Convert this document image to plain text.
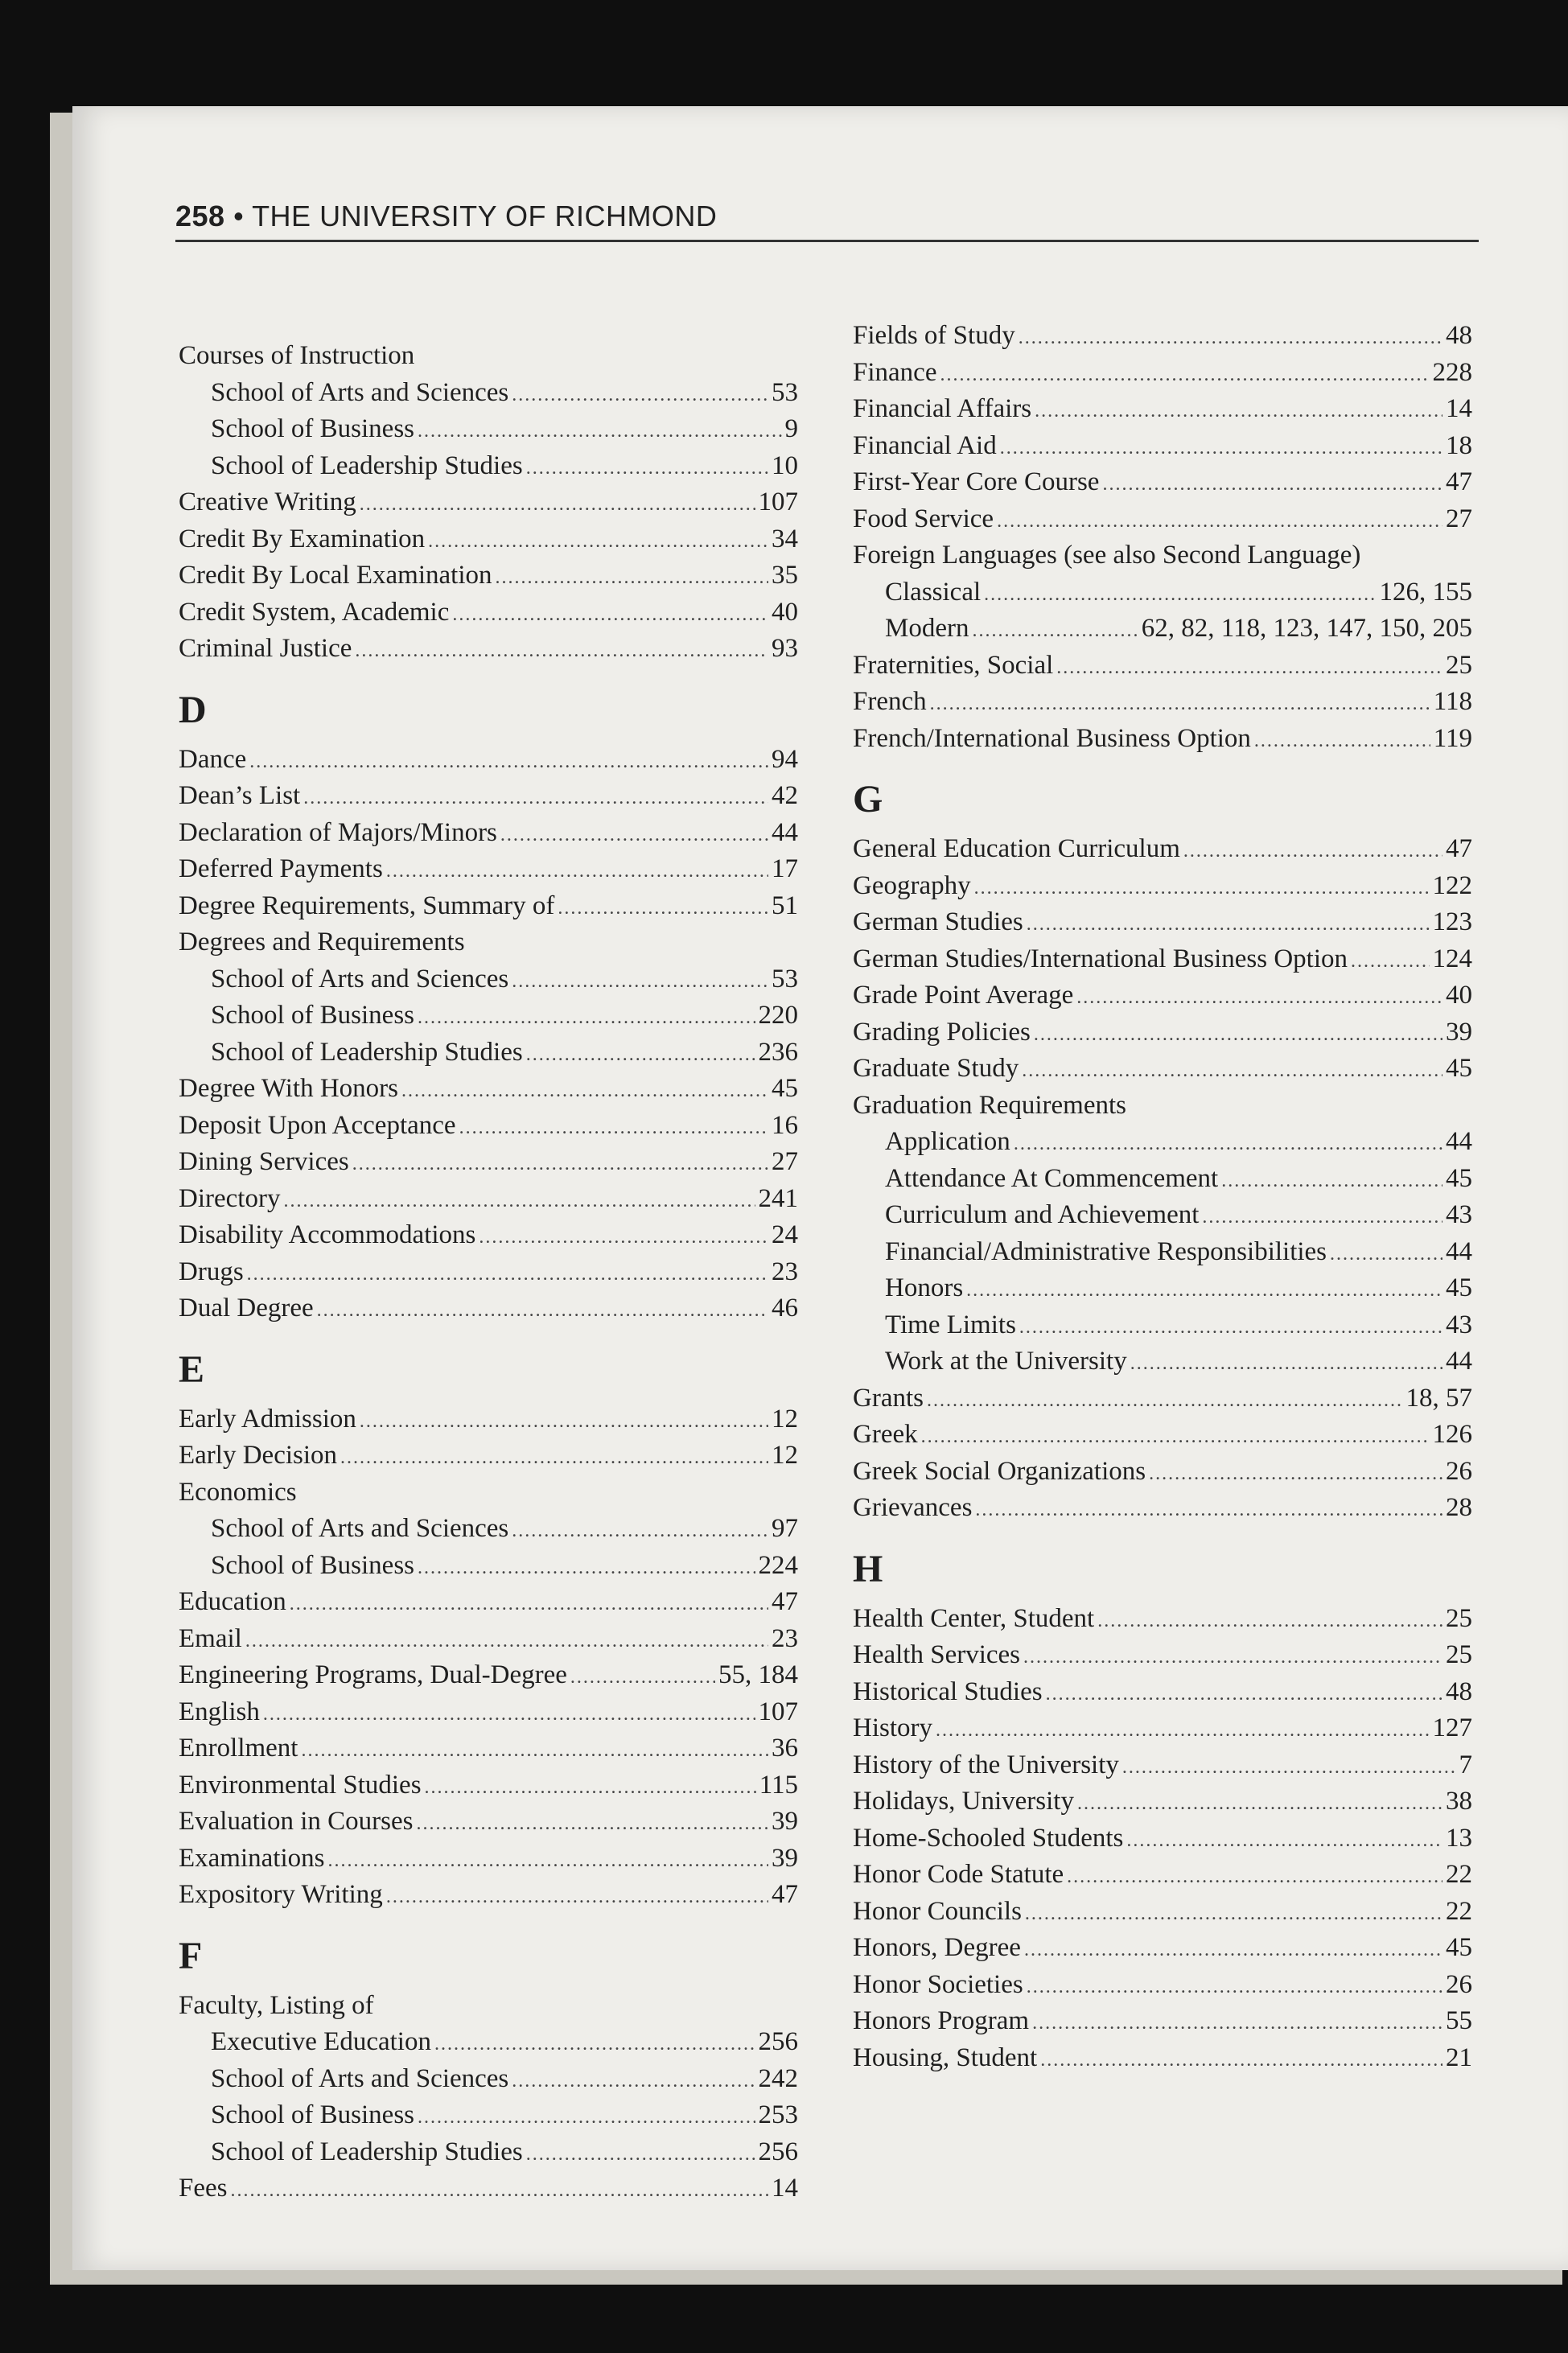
258 • THE UNIVERSITY OF RICHMOND
Courses of Instruction
School of Arts and Sciences .....	53
School of Business .....	9
School of Leadership Studies .....	10
Creative Writing .....	107
Credit By Examination .....	34
Credit By Local Examination .....	35
Credit System, Academic .....	40
Criminal Justice .....	93
D
Dance .....	94
Dean’s List .....	42
Declaration of Majors/Minors .....	44
Deferred Payments .....	17
Degree Requirements, Summary of .....	51
Degrees and Requirements
School of Arts and Sciences .....	53
School of Business .....	220
School of Leadership Studies .....	236
Degree With Honors .....	45
Deposit Upon Acceptance .....	16
Dining Services .....	27
Directory .....	241
Disability Accommodations .....	24
Drugs .....	23
Dual Degree .....	46
E
Early Admission .....	12
Early Decision .....	12
Economics
School of Arts and Sciences .....	97
School of Business .....	224
Education .....	47
Email .....	23
Engineering Programs, Dual-Degree .....	55, 184
English .....	107
Enrollment .....	36
Environmental Studies .....	115
Evaluation in Courses .....	39
Examinations .....	39
Expository Writing .....	47
F
Faculty, Listing of
Executive Education .....	256
School of Arts and Sciences .....	242
School of Business .....	253
School of Leadership Studies .....	256
Fees .....	14
Fields of Study .....	48
Finance .....	228
Financial Affairs .....	14
Financial Aid .....	18
First-Year Core Course .....	47
Food Service .....	27
Foreign Languages (see also Second Language)
Classical .....	126, 155
Modern .....	62, 82, 118, 123, 147, 150, 205
Fraternities, Social .....	25
French .....	118
French/International Business Option .....	119
G
General Education Curriculum .....	47
Geography .....	122
German Studies .....	123
German Studies/International Business Option .....	124
Grade Point Average .....	40
Grading Policies .....	39
Graduate Study .....	45
Graduation Requirements
Application .....	44
Attendance At Commencement .....	45
Curriculum and Achievement .....	43
Financial/Administrative Responsibilities .....	44
Honors .....	45
Time Limits .....	43
Work at the University .....	44
Grants .....	18, 57
Greek .....	126
Greek Social Organizations .....	26
Grievances .....	28
H
Health Center, Student .....	25
Health Services .....	25
Historical Studies .....	48
History .....	127
History of the University .....	7
Holidays, University .....	38
Home-Schooled Students .....	13
Honor Code Statute .....	22
Honor Councils .....	22
Honors, Degree .....	45
Honor Societies .....	26
Honors Program .....	55
Housing, Student .....	21
